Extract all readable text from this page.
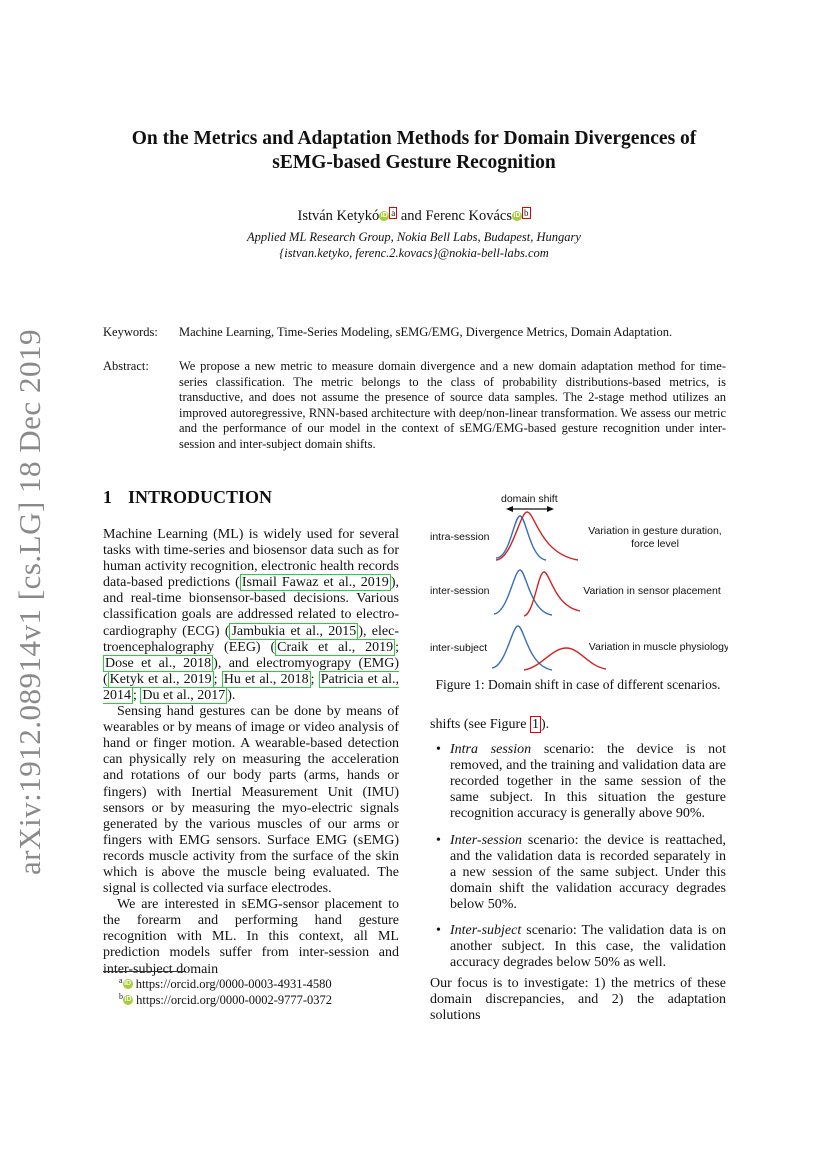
arXiv:1912.08914v1 [cs.LG] 18 Dec 2019
On the Metrics and Adaptation Methods for Domain Divergences of
sEMG-based Gesture Recognition
István Ketykó iD a and Ferenc Kovács iD b
Applied ML Research Group, Nokia Bell Labs, Budapest, Hungary
{istvan.ketyko, ferenc.2.kovacs}@nokia-bell-labs.com
Keywords: Machine Learning, Time-Series Modeling, sEMG/EMG, Divergence Metrics, Domain Adaptation.
Abstract: We propose a new metric to measure domain divergence and a new domain adaptation method for time-series classification. The metric belongs to the class of probability distributions-based metrics, is transductive, and does not assume the presence of source data samples. The 2-stage method utilizes an improved autoregressive, RNN-based architecture with deep/non-linear transformation. We assess our metric and the performance of our model in the context of sEMG/EMG-based gesture recognition under inter-session and inter-subject domain shifts.
1 INTRODUCTION

Machine Learning (ML) is widely used for several tasks with time-series and biosensor data such as for human activity recognition, electronic health records data-based predictions ( Ismail Fawaz et al., 2019 ), and real-time bionsensor-based decisions. Various classification goals are addressed related to electro-cardiography (ECG) ( Jambukia et al., 2015 ), elec-troencephalography (EEG) ( Craik et al., 2019 ; Dose et al., 2018 ), and electromyograpy (EMG) ( Ketyk et al., 2019 ; Hu et al., 2018 ; Patricia et al., 2014 ; Du et al., 2017 ).

Sensing hand gestures can be done by means of wearables or by means of image or video analysis of hand or finger motion. A wearable-based detection can physically rely on measuring the acceleration and rotations of our body parts (arms, hands or fingers) with Inertial Measurement Unit (IMU) sensors or by measuring the myo-electric signals generated by the various muscles of our arms or fingers with EMG sensors. Surface EMG (sEMG) records muscle activity from the surface of the skin which is above the muscle being evaluated. The signal is collected via surface electrodes.

We are interested in sEMG-sensor placement to the forearm and performing hand gesture recognition with ML. In this context, all ML prediction models suffer from inter-session and inter-subject domain

domain shift
intra-session	Variation in gesture duration,
force level
inter-session	Variation in sensor placement
inter-subject	Variation in muscle physiology
Figure 1: Domain shift in case of different scenarios.

shifts (see Figure 1 ).

• Intra session scenario: the device is not removed, and the training and validation data are recorded together in the same session of the same subject. In this situation the gesture recognition accuracy is generally above 90%.
• Inter-session scenario: the device is reattached, and the validation data is recorded separately in a new session of the same subject. Under this domain shift the validation accuracy degrades below 50%.
• Inter-subject scenario: The validation data is on another subject. In this case, the validation accuracy degrades below 50% as well.
Our focus is to investigate: 1) the metrics of these domain discrepancies, and 2) the adaptation solutions
$^a$ iD https://orcid.org/0000-0003-4931-4580
$^b$ iD https://orcid.org/0000-0002-9777-0372
